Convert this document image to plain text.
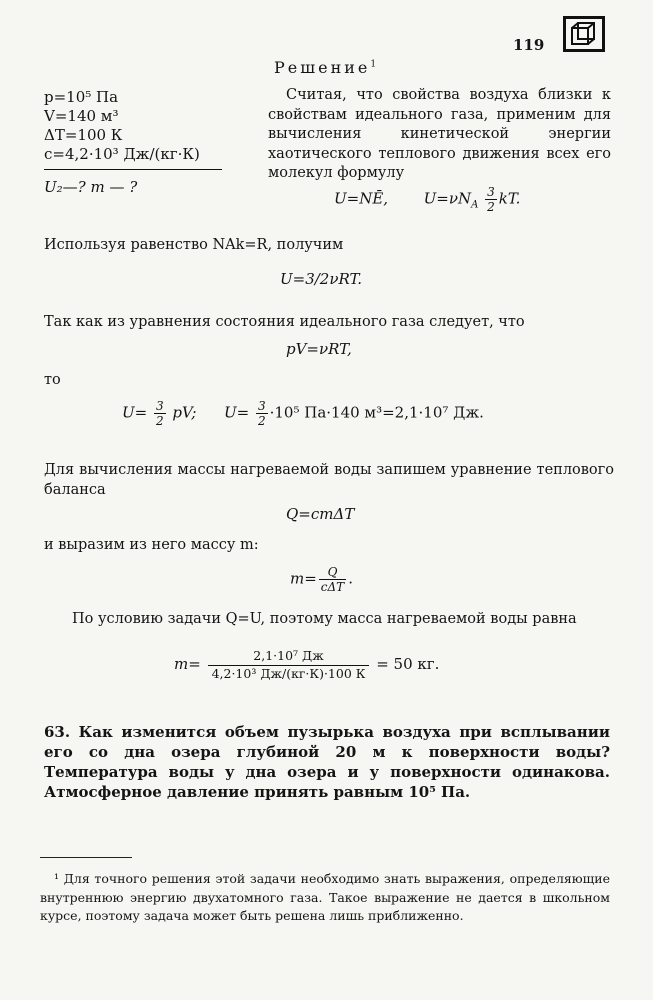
119
Решение$^1$
p=10⁵ Па
V=140 м³
ΔT=100 К
c=4,2·10³ Дж/(кг·К)
U₂—? m — ?
Считая, что свойства воздуха близки к свойствам идеального газа, применим для вычисления кинетической энергии хаотического теплового движения всех его молекул формулу
U=NĒ, $U=\nu N_A \frac{3}{2}$ kT.
Используя равенство NAk=R, получим
U=3/2νRT.
Так как из уравнения состояния идеального газа следует, что
pV=νRT,
то
$U= \frac{3}{2}$ pV; $U= \frac{3}{2} \cdot 10^5$ Па·140 м³=2,1·10⁷ Дж.
Для вычисления массы нагреваемой воды запишем уравнение теплового баланса
Q=cmΔT
и выразим из него массу m:
$m= \frac{Q}{\text{cΔT}}$ .
По условию задачи Q=U, поэтому масса нагреваемой воды равна
$m= \frac{\text{2,1·10⁷ Дж}}{\text{4,2·10³ Дж/(кг·К)·100 К}} = 50$ кг.
63. Как изменится объем пузырька воздуха при всплывании его со дна озера глубиной 20 м к поверхности воды? Температура воды у дна озера и у поверхности одинакова. Атмосферное давление принять равным 10⁵ Па.
¹ Для точного решения этой задачи необходимо знать выражения, определяющие внутреннюю энергию двухатомного газа. Такое выражение не дается в школьном курсе, поэтому задача может быть решена лишь приближенно.
